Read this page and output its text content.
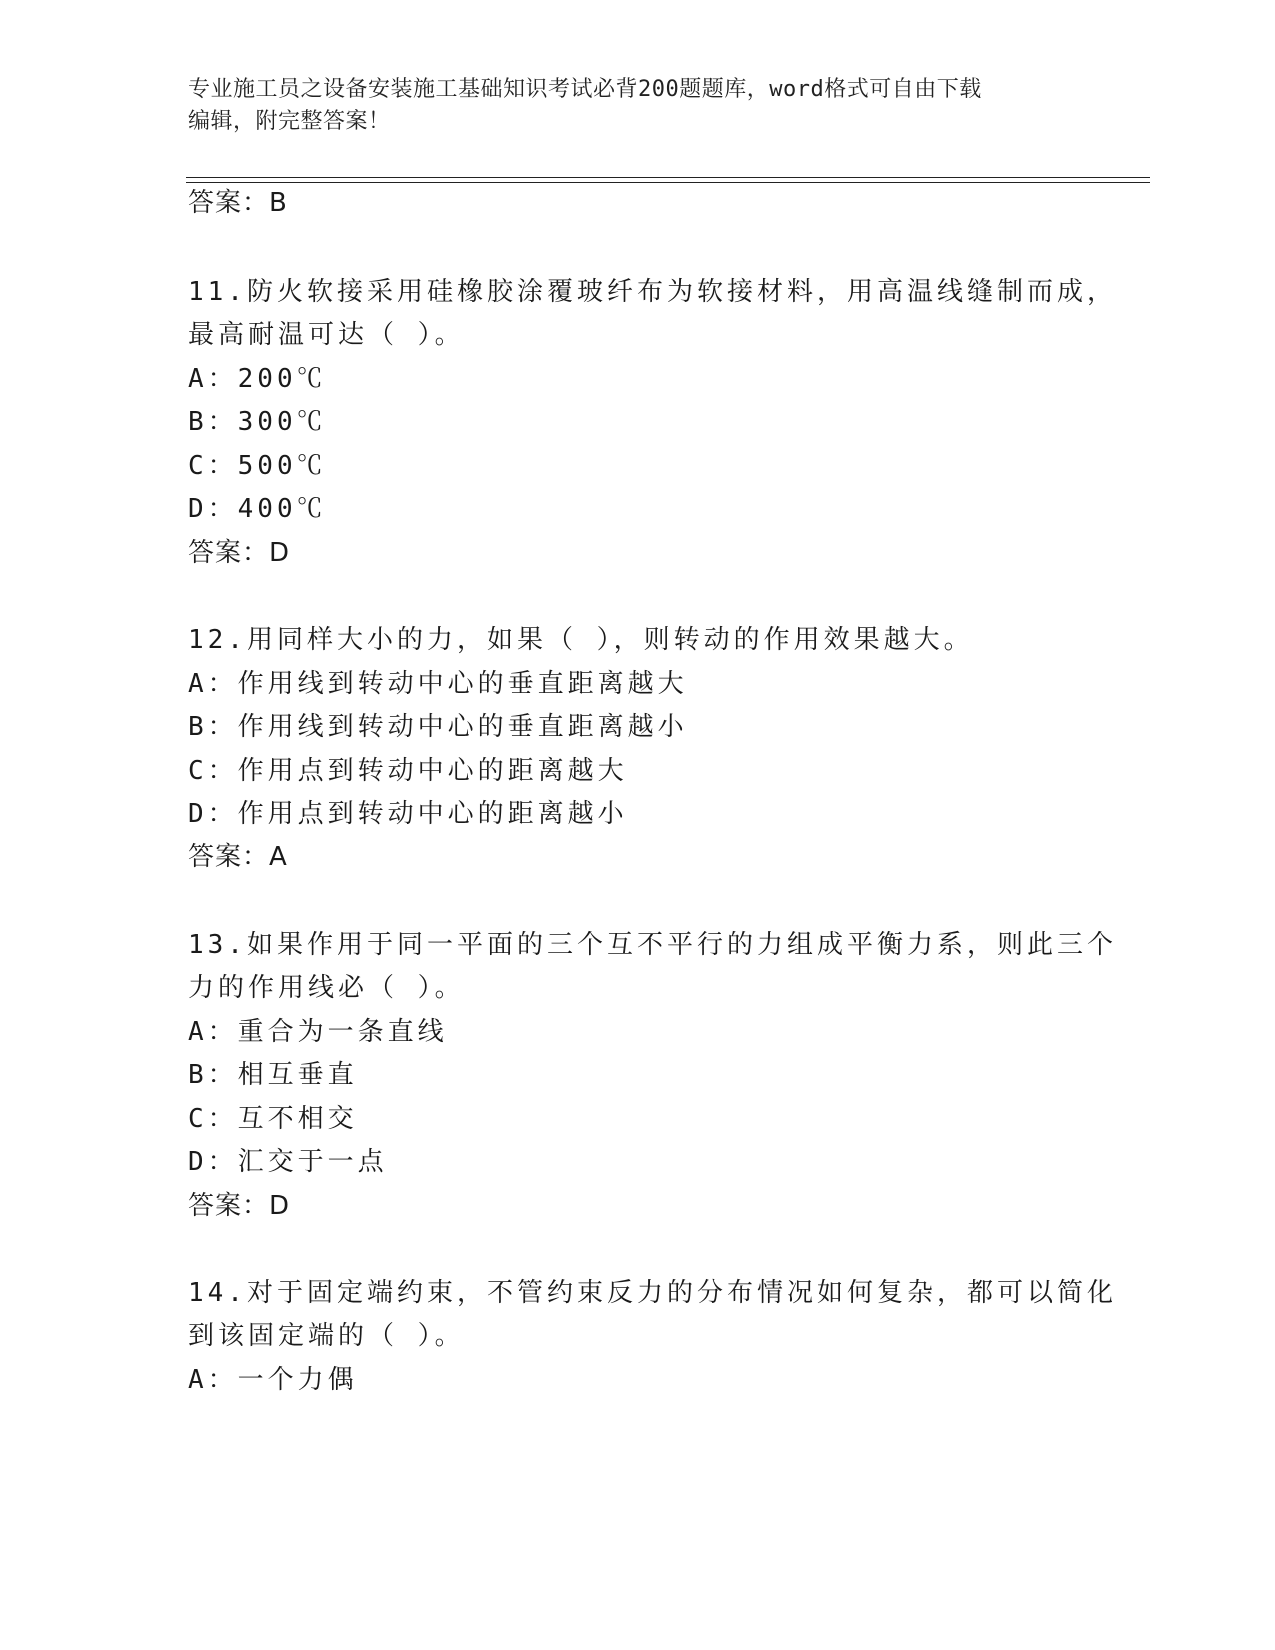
专业施工员之设备安装施工基础知识考试必背200题题库，word格式可自由下载
编辑，附完整答案！
答案：B
11.防火软接采用硅橡胶涂覆玻纤布为软接材料，用高温线缝制而成，
最高耐温可达（ ）。
A：200℃
B：300℃
C：500℃
D：400℃
答案：D
12.用同样大小的力，如果（ ），则转动的作用效果越大。
A：作用线到转动中心的垂直距离越大
B：作用线到转动中心的垂直距离越小
C：作用点到转动中心的距离越大
D：作用点到转动中心的距离越小
答案：A
13.如果作用于同一平面的三个互不平行的力组成平衡力系，则此三个
力的作用线必（ ）。
A：重合为一条直线
B：相互垂直
C：互不相交
D：汇交于一点
答案：D
14.对于固定端约束，不管约束反力的分布情况如何复杂，都可以简化
到该固定端的（ ）。
A：一个力偶
